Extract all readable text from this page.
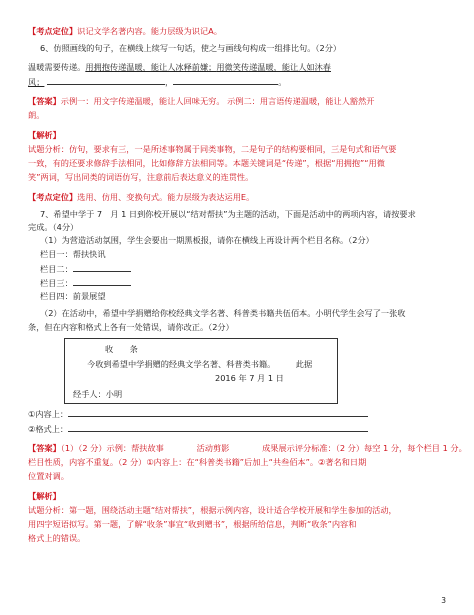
【考点定位】识记文学名著内容。能力层级为识记A。
6、仿照画线的句子，在横线上续写一句话，使之与画线句构成一组排比句。（2分）
温暖需要传递。用拥抱传递温暖，能让人冰释前嫌；用微笑传递温暖，能让人如沐春
风；	，	。
【答案】示例一：用文字传递温暖，能让人回味无穷。 示例二：用言语传递温暖，能让人豁然开
朗。
【解析】
试题分析：仿句，要求有三，一是所述事物属于同类事物，二是句子的结构要相同，三是句式和语气要
一致，有的还要求修辞手法相同，比如修辞方法相同等。本题关键词是“传递”，根据“用拥抱”“用微
笑”两词，写出同类的词语仿写，注意前后表达意义的连贯性。
【考点定位】选用、仿用、变换句式。能力层级为表达运用E。
7、希望中学于 7　月 1 日到你校开展以“结对帮扶”为主题的活动，下面是活动中的两项内容，请按要求
完成。（4分）
（1）为营造活动氛围，学生会要出一期黑板报，请你在横线上再设计两个栏目名称。（2分）
栏目一：帮扶快讯
栏目二：
栏目三：
栏目四：前景展望
（2）在活动中，希望中学捐赠给你校经典文学名著、科普类书籍共伍佰本。小明代学生会写了一张收
条，但在内容和格式上各有一处错误，请你改正。（2分）
收　　条
今收到希望中学捐赠的经典文学名著、科普类书籍。　　　此据
2016 年 7 月 1 日
经手人：小明
①内容上：
②格式上：
【答案】（1）（2 分）示例：帮扶故事　　　　活动剪影　　　　成果展示评分标准：（2 分）每空 1 分，每个栏目 1 分。
栏目性质，内容不重复。（2 分）①内容上：在“科普类书籍”后加上“共叁佰本”。②著名和日期
位置对调。
【解析】
试题分析：第一题，围绕活动主题“结对帮扶”，根据示例内容，设计适合学校开展和学生参加的活动，
用四字短语拟写。第一题，了解“收条”事宜“收到赠书”，根据所给信息，判断“收条”内容和
格式上的错误。
3
